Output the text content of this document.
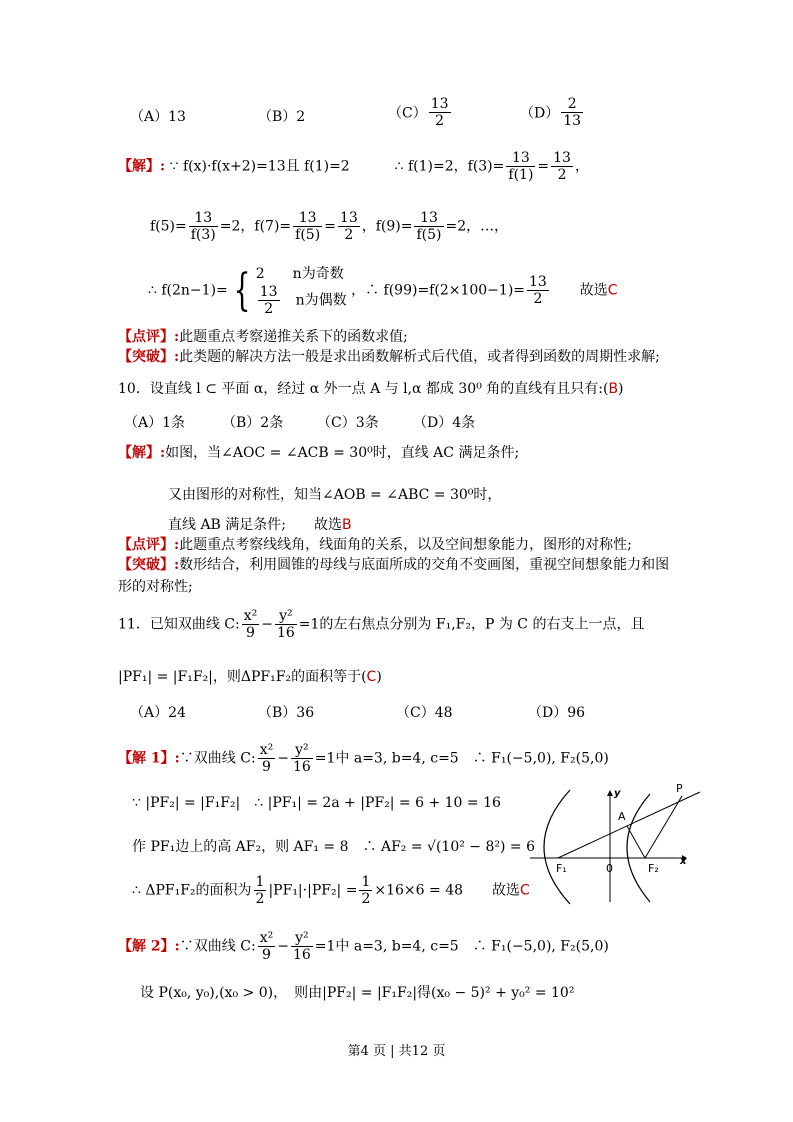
（A）13	（B）2	$(C) \frac{13}{2}$	$(D) \frac{2}{13}$
【解】: ∵ f(x)·f(x+2)=13且 f(1)=2	∴ f(1)=2，$f(3)= \frac{13}{f(1)} = \frac{13}{2}$ ，
$f(5)= \frac{13}{f(3)} =2$，$f(7)= \frac{13}{f(5)} = \frac{13}{2}$ ，$f(9)= \frac{13}{f(5)} =2$，…，
∴ f(2n−1)= { 2　　n为奇数
$\frac{13}{2}$ 　n为偶数
，∴ $f(99)=f(2\times 100-1)= \frac{13}{2}$ 故选C
【点评】:此题重点考察递推关系下的函数求值;
【突破】:此类题的解决方法一般是求出函数解析式后代值，或者得到函数的周期性求解;
10．设直线 l ⊂ 平面 α，经过 α 外一点 A 与 l,α 都成 30⁰ 角的直线有且只有:(B)
（A）1条	（B）2条 （C）3条 （D）4条
【解】:如图，当∠AOC = ∠ACB = 30⁰时，直线 AC 满足条件;
又由图形的对称性，知当∠AOB = ∠ABC = 30⁰时，
直线 AB 满足条件;　　故选B
【点评】:此题重点考察线线角，线面角的关系，以及空间想象能力，图形的对称性;
【突破】:数形结合，利用圆锥的母线与底面所成的交角不变画图，重视空间想象能力和图
形的对称性;
11．已知双曲线 C: $\frac{\text{x²}}{9} - \frac{\text{y²}}{16} =1$的左右焦点分别为 F₁,F₂，P 为 C 的右支上一点，且
|PF₁| = |F₁F₂|，则ΔPF₁F₂的面积等于(C)
（A）24	（B）36	（C）48	（D）96
【解 1】:∵双曲线 C: $\frac{\text{x²}}{9} - \frac{\text{y²}}{16} =1$中 a=3, b=4, c=5　∴ F₁(−5,0), F₂(5,0)
∵ |PF₂| = |F₁F₂|　∴ |PF₁| = 2a + |PF₂| = 6 + 10 = 16
作 PF₁边上的高 AF₂，则 AF₁ = 8　∴ AF₂ = √(10² − 8²) = 6
∴ ΔPF₁F₂的面积为 $\frac{1}{2} |PF_1|\cdot|PF_2| = \frac{1}{2} \times 16\times 6 = 48$ 故选C
【解 2】:∵双曲线 C: $\frac{\text{x²}}{9} - \frac{\text{y²}}{16} =1$中 a=3, b=4, c=5　∴ F₁(−5,0), F₂(5,0)
设 P(x₀, y₀),(x₀ > 0)，　则由|PF₂| = |F₁F₂|得(x₀ − 5)² + y₀² = 10²
y
x
P
A
F₁	0	F₂
第4 页 | 共12 页
